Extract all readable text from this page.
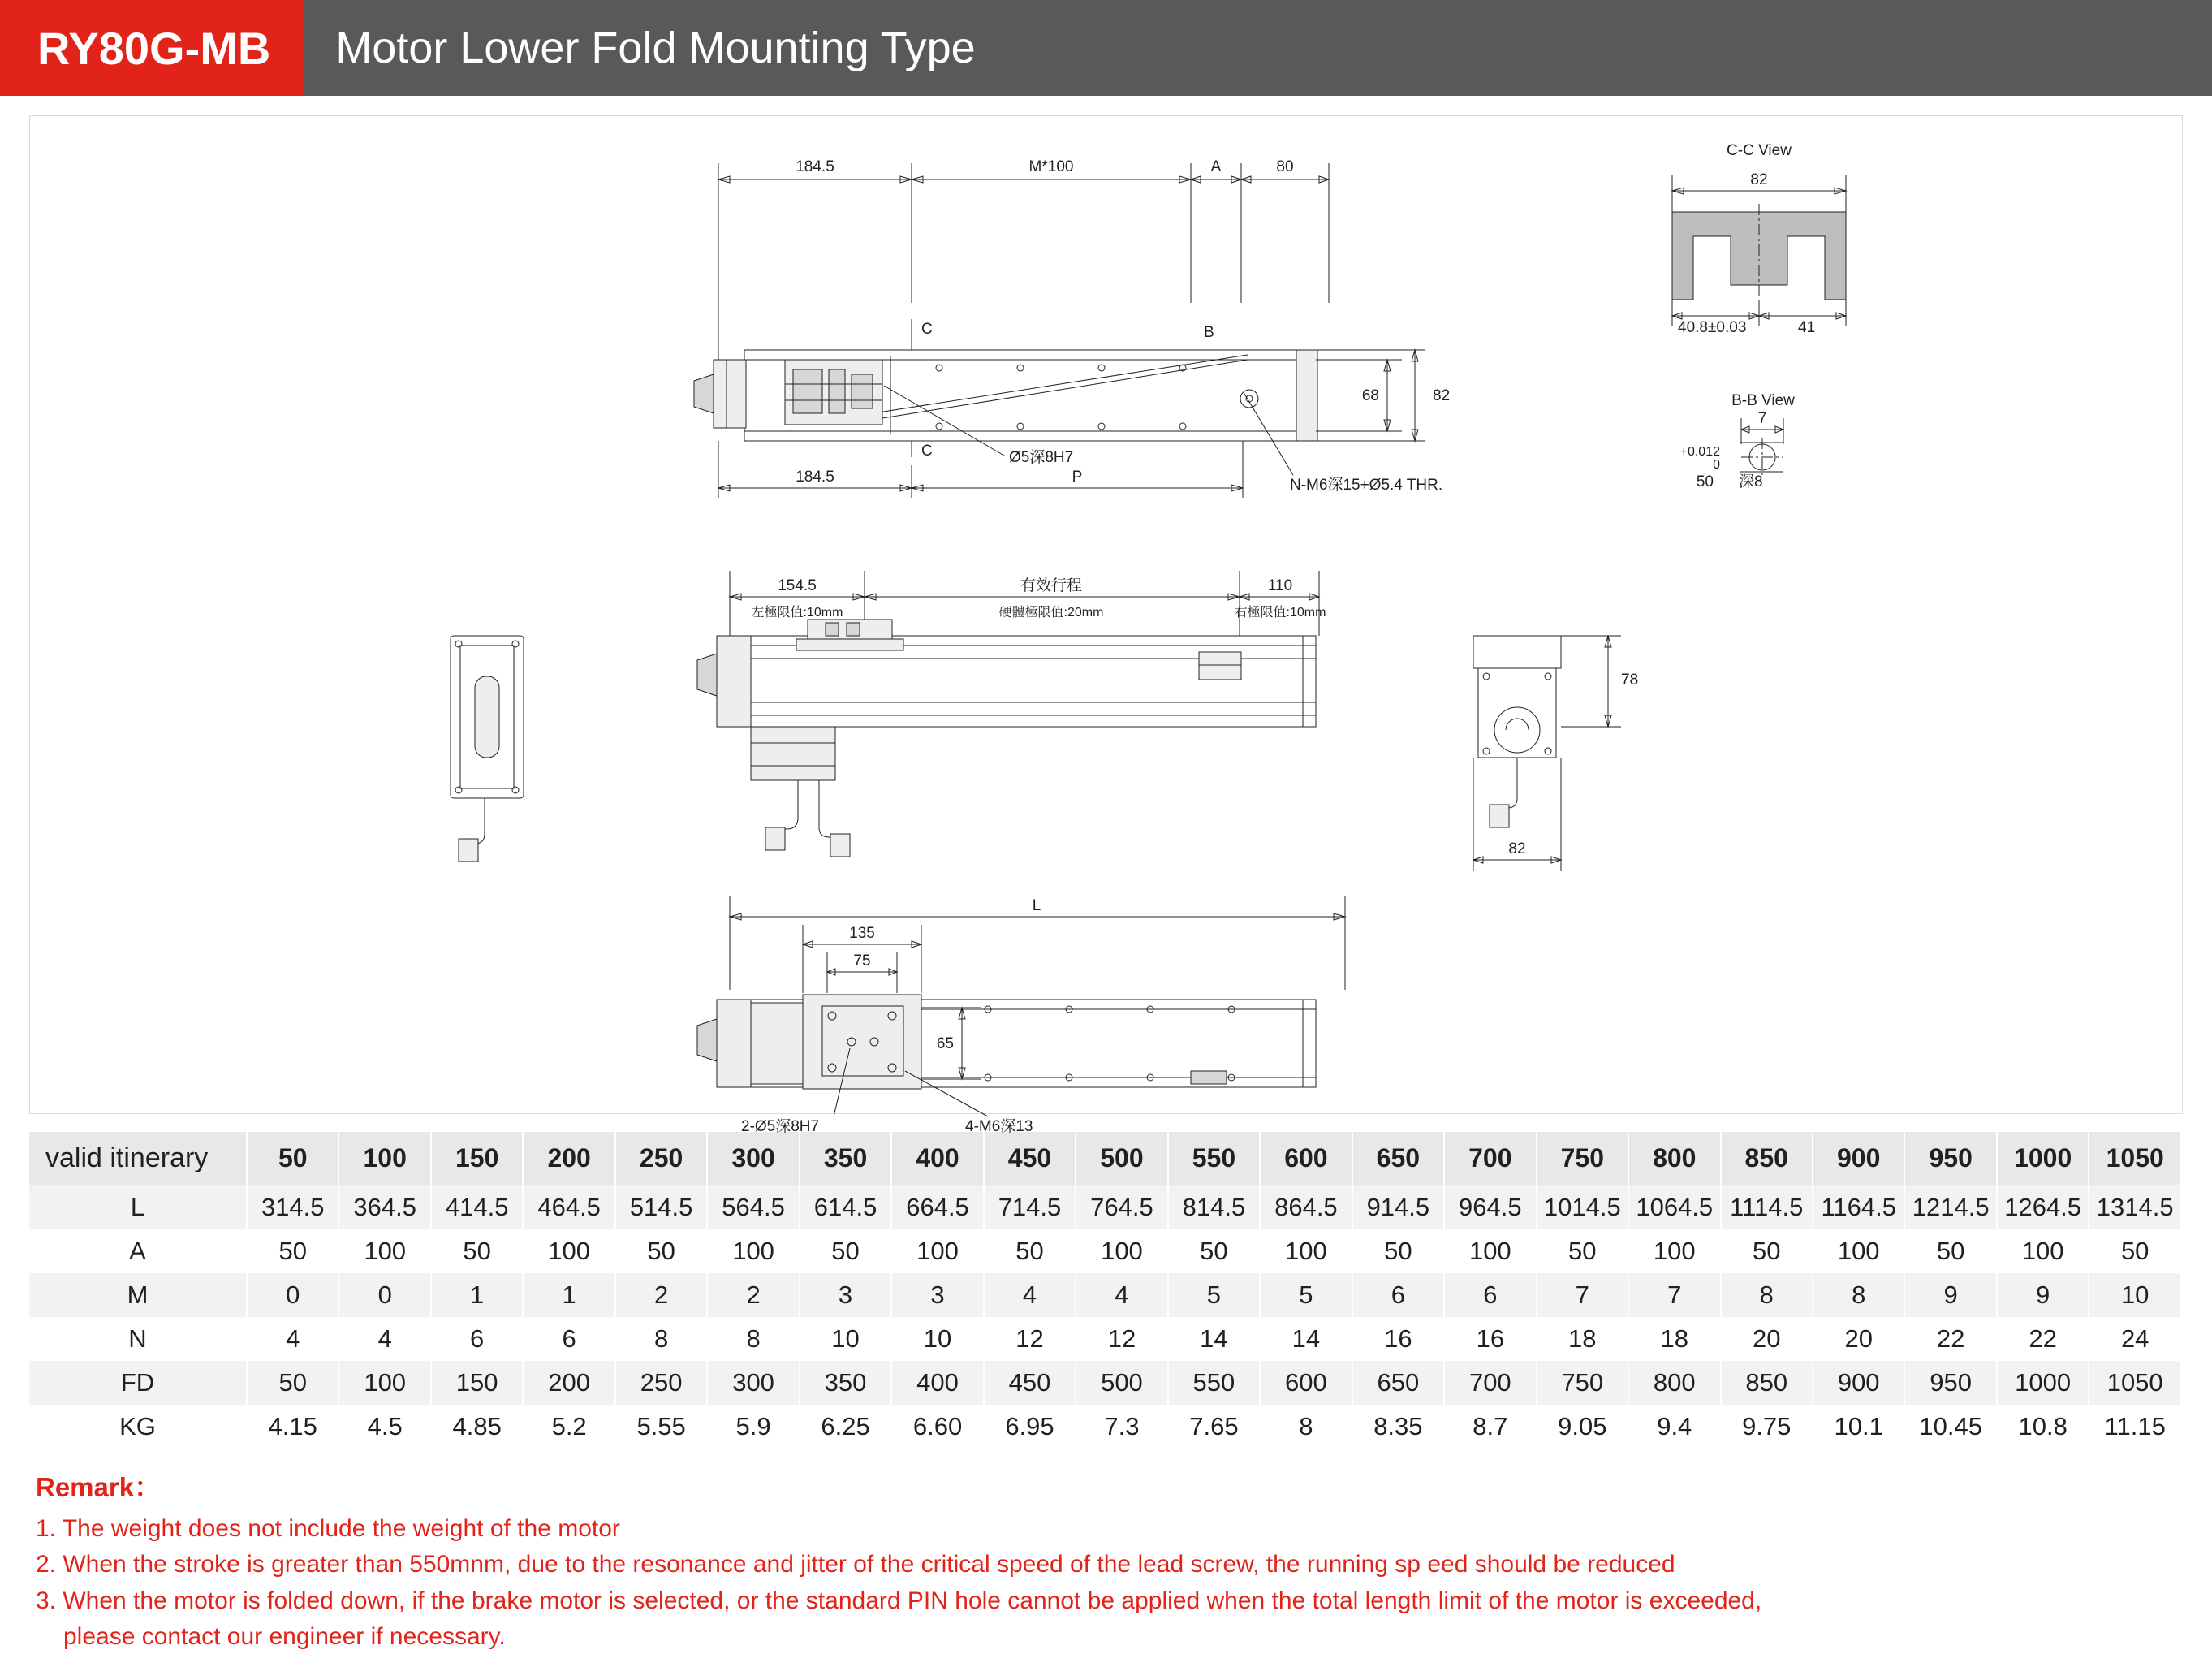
RY80G-MB	Motor Lower Fold Mounting Type
184.5	M*100	A	80
C
C
B
68	82
Ø5深8H7
N-M6深15+Ø5.4 THR.
184.5	P
C-C View
82
40.8±0.03	41
B-B View
7
+0.012
0
50 深8
154.5	有效行程	110
左極限值:10mm	硬體極限值:20mm	右極限值:10mm
78
82
L
135
75
65
2-Ø5深8H7	4-M6深13
valid itinerary	50	100	150	200	250	300	350	400	450	500	550	600	650	700	750	800	850	900	950	1000	1050
L	314.5	364.5	414.5	464.5	514.5	564.5	614.5	664.5	714.5	764.5	814.5	864.5	914.5	964.5	1014.5	1064.5	1114.5	1164.5	1214.5	1264.5	1314.5
A	50	100	50	100	50	100	50	100	50	100	50	100	50	100	50	100	50	100	50	100	50
M	0	0	1	1	2	2	3	3	4	4	5	5	6	6	7	7	8	8	9	9	10
N	4	4	6	6	8	8	10	10	12	12	14	14	16	16	18	18	20	20	22	22	24
FD	50	100	150	200	250	300	350	400	450	500	550	600	650	700	750	800	850	900	950	1000	1050
KG	4.15	4.5	4.85	5.2	5.55	5.9	6.25	6.60	6.95	7.3	7.65	8	8.35	8.7	9.05	9.4	9.75	10.1	10.45	10.8	11.15
Remark：
1. The weight does not include the weight of the motor
2. When the stroke is greater than 550mnm, due to the resonance and jitter of the critical speed of the lead screw, the running sp eed should be reduced
3. When the motor is folded down, if the brake motor is selected, or the standard PIN hole cannot be applied when the total length limit of the motor is exceeded,
please contact our engineer if necessary.
